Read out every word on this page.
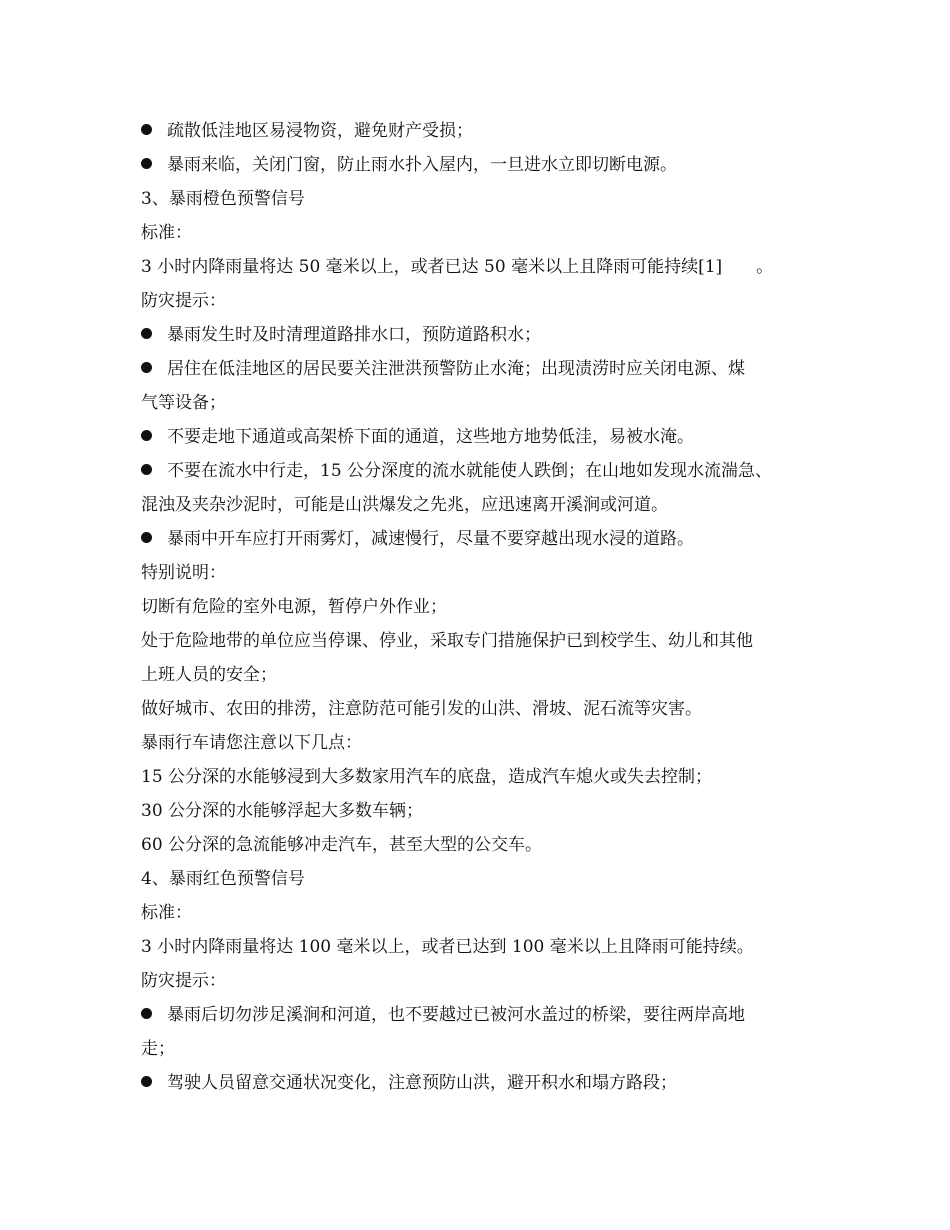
疏散低洼地区易浸物资，避免财产受损；
暴雨来临，关闭门窗，防止雨水扑入屋内，一旦进水立即切断电源。
3、暴雨橙色预警信号
标准：
3 小时内降雨量将达 50 毫米以上，或者已达 50 毫米以上且降雨可能持续[1]　　。
防灾提示：
暴雨发生时及时清理道路排水口，预防道路积水；
居住在低洼地区的居民要关注泄洪预警防止水淹；出现渍涝时应关闭电源、煤
气等设备；
不要走地下通道或高架桥下面的通道，这些地方地势低洼，易被水淹。
不要在流水中行走，15 公分深度的流水就能使人跌倒；在山地如发现水流湍急、
混浊及夹杂沙泥时，可能是山洪爆发之先兆，应迅速离开溪涧或河道。
暴雨中开车应打开雨雾灯，减速慢行，尽量不要穿越出现水浸的道路。
特别说明：
切断有危险的室外电源，暂停户外作业；
处于危险地带的单位应当停课、停业，采取专门措施保护已到校学生、幼儿和其他
上班人员的安全；
做好城市、农田的排涝，注意防范可能引发的山洪、滑坡、泥石流等灾害。
暴雨行车请您注意以下几点：
15 公分深的水能够浸到大多数家用汽车的底盘，造成汽车熄火或失去控制；
30 公分深的水能够浮起大多数车辆；
60 公分深的急流能够冲走汽车，甚至大型的公交车。
4、暴雨红色预警信号
标准：
3 小时内降雨量将达 100 毫米以上，或者已达到 100 毫米以上且降雨可能持续。
防灾提示：
暴雨后切勿涉足溪涧和河道，也不要越过已被河水盖过的桥梁，要往两岸高地
走；
驾驶人员留意交通状况变化，注意预防山洪，避开积水和塌方路段；
